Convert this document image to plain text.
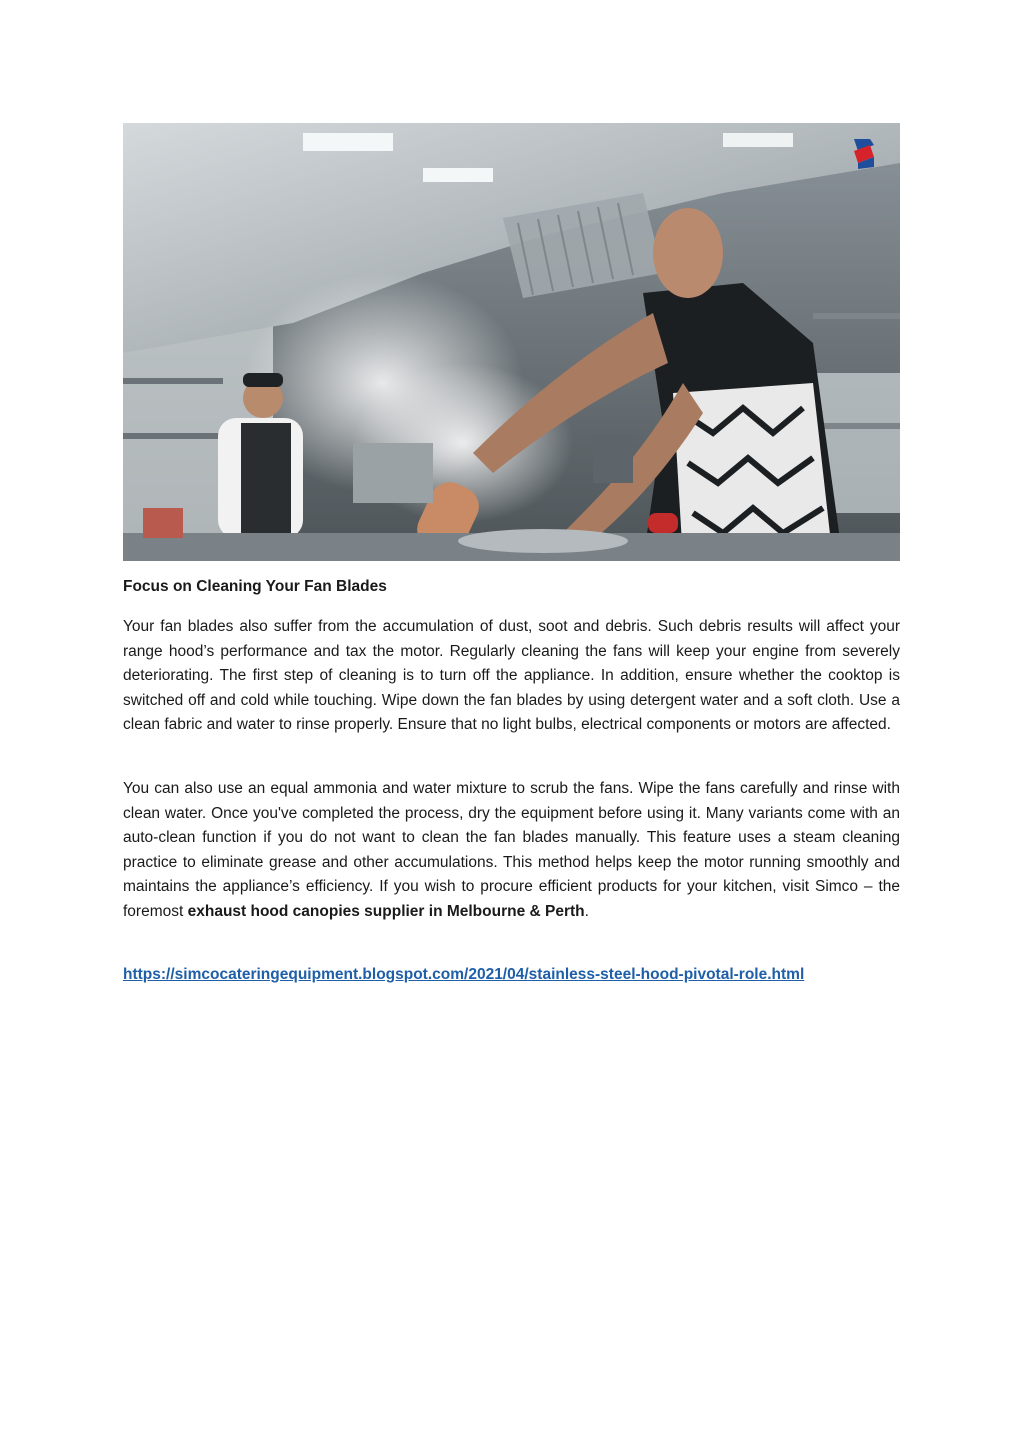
Focus on Cleaning Your Fan Blades

Your fan blades also suffer from the accumulation of dust, soot and debris. Such debris results will affect your range hood’s performance and tax the motor. Regularly cleaning the fans will keep your engine from severely deteriorating. The first step of cleaning is to turn off the appliance. In addition, ensure whether the cooktop is switched off and cold while touching. Wipe down the fan blades by using detergent water and a soft cloth. Use a clean fabric and water to rinse properly. Ensure that no light bulbs, electrical components or motors are affected.

You can also use an equal ammonia and water mixture to scrub the fans. Wipe the fans carefully and rinse with clean water. Once you've completed the process, dry the equipment before using it. Many variants come with an auto-clean function if you do not want to clean the fan blades manually. This feature uses a steam cleaning practice to eliminate grease and other accumulations. This method helps keep the motor running smoothly and maintains the appliance’s efficiency. If you wish to procure efficient products for your kitchen, visit Simco – the foremost exhaust hood canopies supplier in Melbourne & Perth.

https://simcocateringequipment.blogspot.com/2021/04/stainless-steel-hood-pivotal-role.html
